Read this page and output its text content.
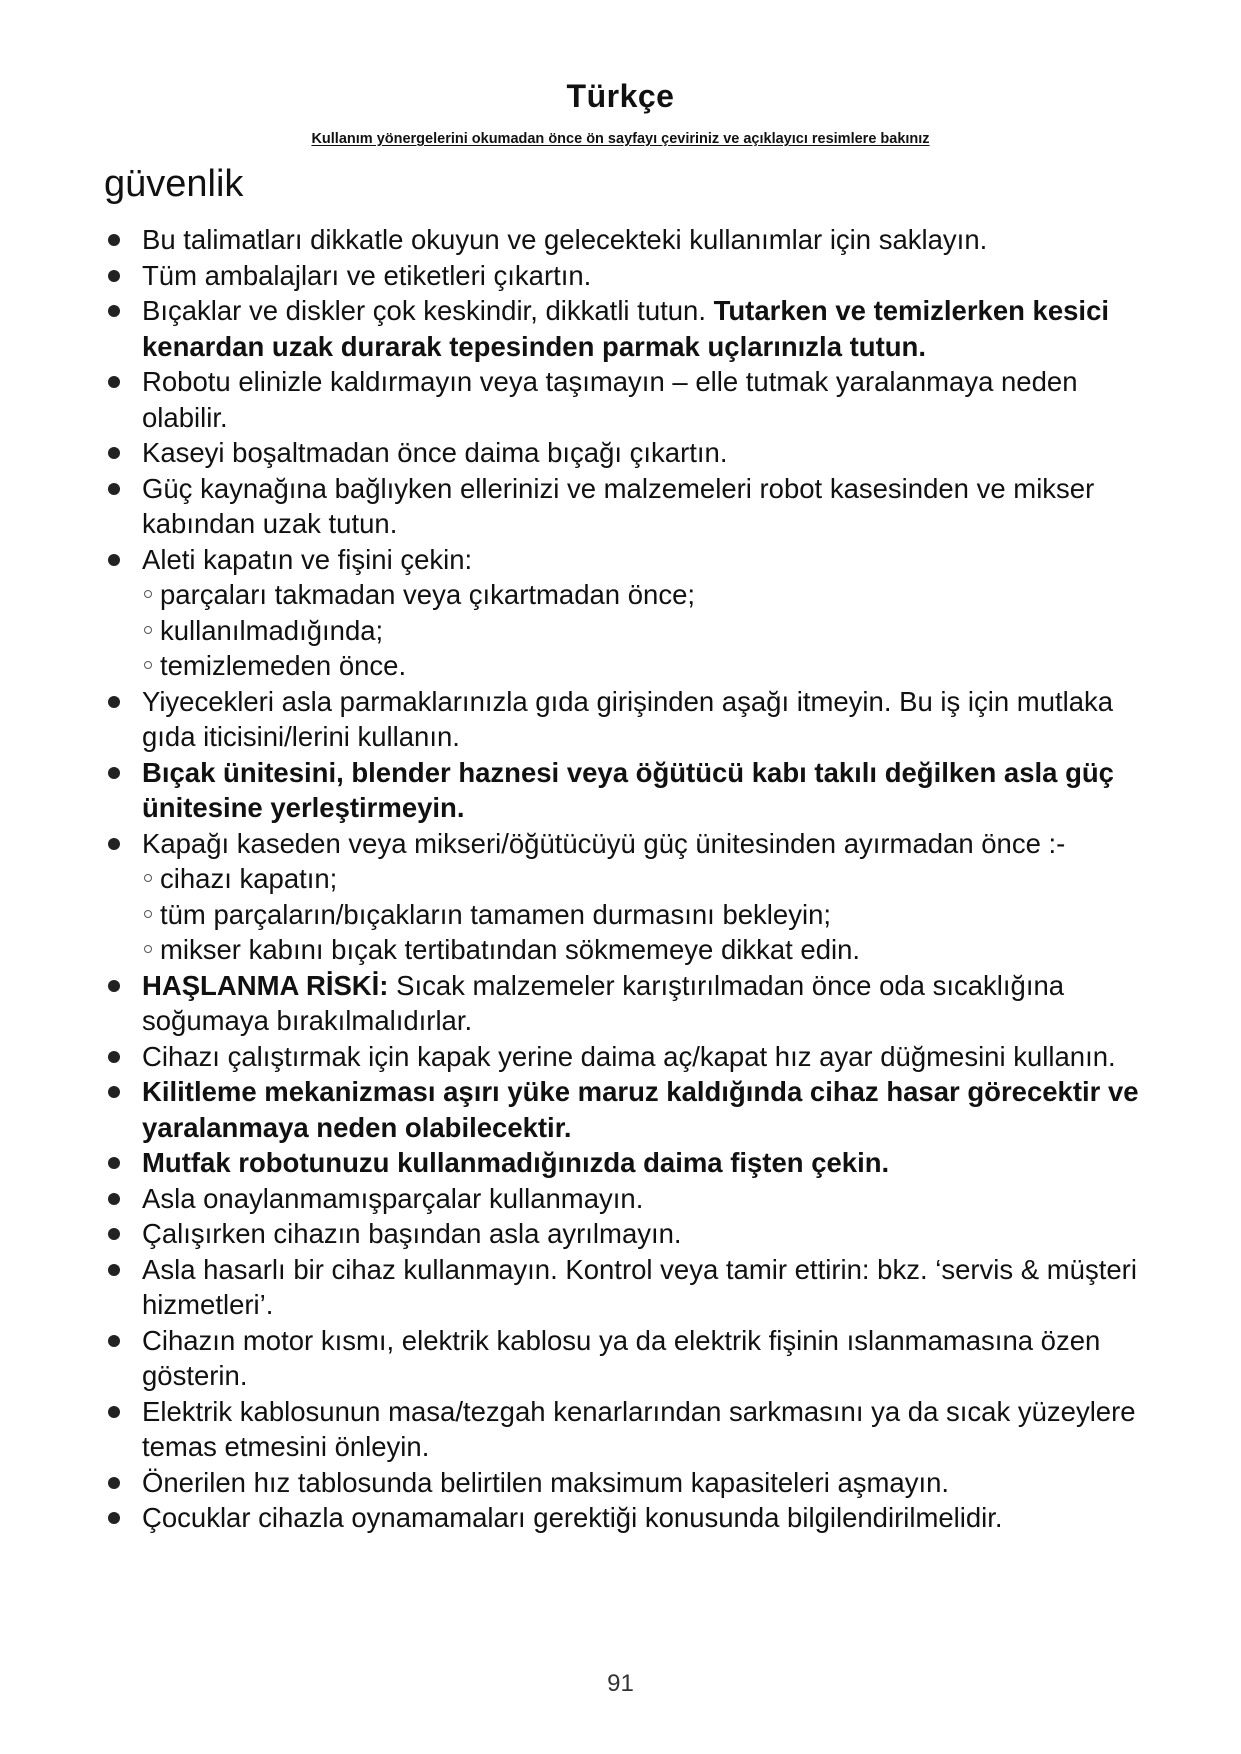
Türkçe

Kullanım yönergelerini okumadan önce ön sayfayı çeviriniz ve açıklayıcı resimlere bakınız

güvenlik
Bu talimatları dikkatle okuyun ve gelecekteki kullanımlar için saklayın.
Tüm ambalajları ve etiketleri çıkartın.
Bıçaklar ve diskler çok keskindir, dikkatli tutun. Tutarken ve temizlerken kesici kenardan uzak durarak tepesinden parmak uçlarınızla tutun.
Robotu elinizle kaldırmayın veya taşımayın – elle tutmak yaralanmaya neden olabilir.
Kaseyi boşaltmadan önce daima bıçağı çıkartın.
Güç kaynağına bağlıyken ellerinizi ve malzemeleri robot kasesinden ve mikser kabından uzak tutun.
Aleti kapatın ve fişini çekin:
parçaları takmadan veya çıkartmadan önce;
kullanılmadığında;
temizlemeden önce.
Yiyecekleri asla parmaklarınızla gıda girişinden aşağı itmeyin. Bu iş için mutlaka gıda iticisini/lerini kullanın.
Bıçak ünitesini, blender haznesi veya öğütücü kabı takılı değilken asla güç ünitesine yerleştirmeyin.
Kapağı kaseden veya mikseri/öğütücüyü güç ünitesinden ayırmadan önce :-
cihazı kapatın;
tüm parçaların/bıçakların tamamen durmasını bekleyin;
mikser kabını bıçak tertibatından sökmemeye dikkat edin.
HAŞLANMA RİSKİ: Sıcak malzemeler karıştırılmadan önce oda sıcaklığına soğumaya bırakılmalıdırlar.
Cihazı çalıştırmak için kapak yerine daima aç/kapat hız ayar düğmesini kullanın.
Kilitleme mekanizması aşırı yüke maruz kaldığında cihaz hasar görecektir ve yaralanmaya neden olabilecektir.
Mutfak robotunuzu kullanmadığınızda daima fişten çekin.
Asla onaylanmamışparçalar kullanmayın.
Çalışırken cihazın başından asla ayrılmayın.
Asla hasarlı bir cihaz kullanmayın. Kontrol veya tamir ettirin: bkz. ‘servis & müşteri hizmetleri’.
Cihazın motor kısmı, elektrik kablosu ya da elektrik fişinin ıslanmamasına özen gösterin.
Elektrik kablosunun masa/tezgah kenarlarından sarkmasını ya da sıcak yüzeylere temas etmesini önleyin.
Önerilen hız tablosunda belirtilen maksimum kapasiteleri aşmayın.
Çocuklar cihazla oynamamaları gerektiği konusunda bilgilendirilmelidir.

91
